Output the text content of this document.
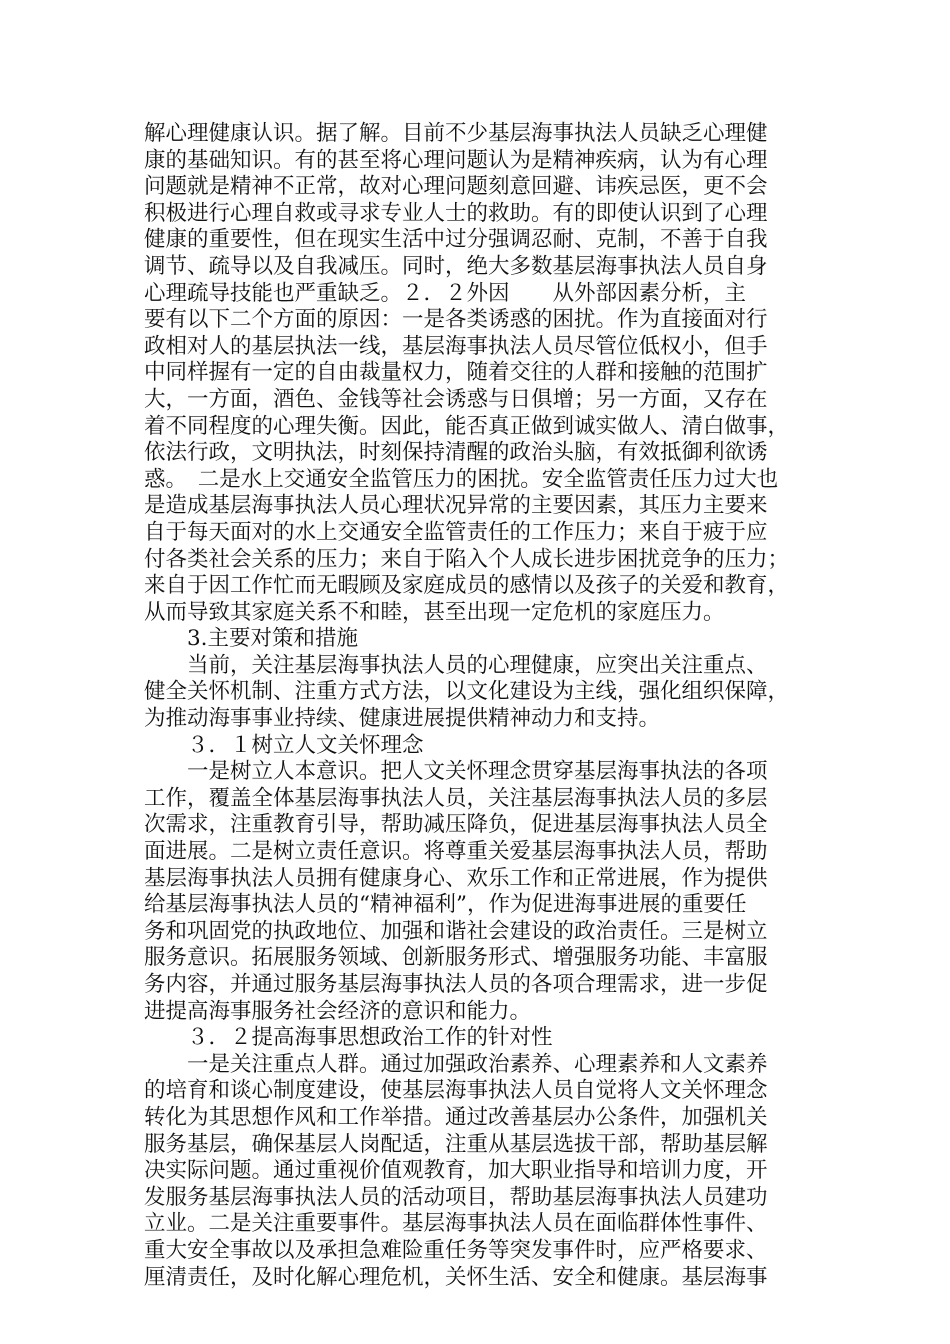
解心理健康认识。据了解。目前不少基层海事执法人员缺乏心理健

康的基础知识。有的甚至将心理问题认为是精神疾病，认为有心理

问题就是精神不正常，故对心理问题刻意回避、讳疾忌医，更不会

积极进行心理自救或寻求专业人士的救助。有的即使认识到了心理

健康的重要性，但在现实生活中过分强调忍耐、克制，不善于自我

调节、疏导以及自我减压。同时，绝大多数基层海事执法人员自身

心理疏导技能也严重缺乏。２．２外因　　从外部因素分析，主

要有以下二个方面的原因：一是各类诱惑的困扰。作为直接面对行

政相对人的基层执法一线，基层海事执法人员尽管位低权小，但手

中同样握有一定的自由裁量权力，随着交往的人群和接触的范围扩

大，一方面，酒色、金钱等社会诱惑与日俱增；另一方面，又存在

着不同程度的心理失衡。因此，能否真正做到诚实做人、清白做事，

依法行政，文明执法，时刻保持清醒的政治头脑，有效抵御利欲诱

惑。　二是水上交通安全监管压力的困扰。安全监管责任压力过大也

是造成基层海事执法人员心理状况异常的主要因素，其压力主要来

自于每天面对的水上交通安全监管责任的工作压力；来自于疲于应

付各类社会关系的压力；来自于陷入个人成长进步困扰竞争的压力；

来自于因工作忙而无暇顾及家庭成员的感情以及孩子的关爱和教育，

从而导致其家庭关系不和睦，甚至出现一定危机的家庭压力。

3.主要对策和措施

当前，关注基层海事执法人员的心理健康，应突出关注重点、

健全关怀机制、注重方式方法，以文化建设为主线，强化组织保障，

为推动海事事业持续、健康进展提供精神动力和支持。

３．１树立人文关怀理念

一是树立人本意识。把人文关怀理念贯穿基层海事执法的各项

工作，覆盖全体基层海事执法人员，关注基层海事执法人员的多层

次需求，注重教育引导，帮助减压降负，促进基层海事执法人员全

面进展。二是树立责任意识。将尊重关爱基层海事执法人员，帮助

基层海事执法人员拥有健康身心、欢乐工作和正常进展，作为提供

给基层海事执法人员的“精神福利”，作为促进海事进展的重要任

务和巩固党的执政地位、加强和谐社会建设的政治责任。三是树立

服务意识。拓展服务领域、创新服务形式、增强服务功能、丰富服

务内容，并通过服务基层海事执法人员的各项合理需求，进一步促

进提高海事服务社会经济的意识和能力。

３．２提高海事思想政治工作的针对性

一是关注重点人群。通过加强政治素养、心理素养和人文素养

的培育和谈心制度建设，使基层海事执法人员自觉将人文关怀理念

转化为其思想作风和工作举措。通过改善基层办公条件，加强机关

服务基层，确保基层人岗配适，注重从基层选拔干部，帮助基层解

决实际问题。通过重视价值观教育，加大职业指导和培训力度，开

发服务基层海事执法人员的活动项目，帮助基层海事执法人员建功

立业。二是关注重要事件。基层海事执法人员在面临群体性事件、

重大安全事故以及承担急难险重任务等突发事件时，应严格要求、

厘清责任，及时化解心理危机，关怀生活、安全和健康。基层海事
